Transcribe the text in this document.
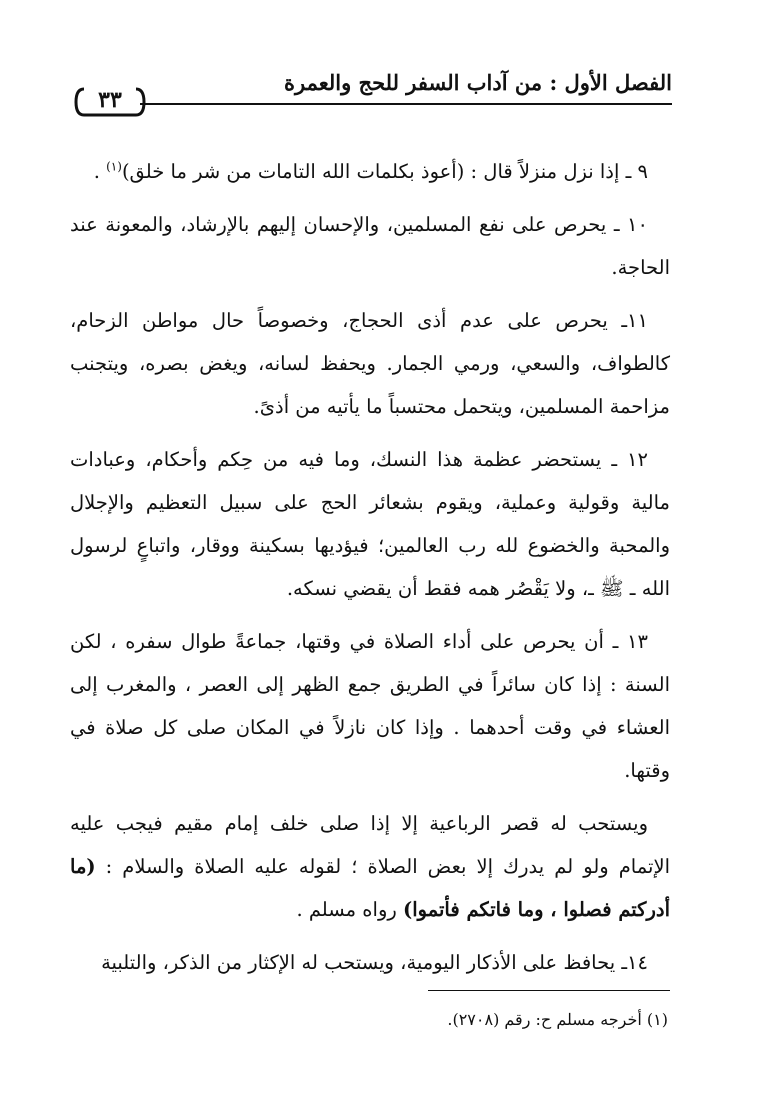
الفصل الأول : من آداب السفر للحج والعمرة
٣٣

٩ ـ إذا نزل منزلاً قال : (أعوذ بكلمات الله التامات من شر ما خلق)$^{(١)}$ .

١٠ ـ يحرص على نفع المسلمين، والإحسان إليهم بالإرشاد، والمعونة عند الحاجة.

١١ـ يحرص على عدم أذى الحجاج، وخصوصاً حال مواطن الزحام، كالطواف، والسعي، ورمي الجمار. ويحفظ لسانه، ويغض بصره، ويتجنب مزاحمة المسلمين، ويتحمل محتسباً ما يأتيه من أذىً.

١٢ ـ يستحضر عظمة هذا النسك، وما فيه من حِكم وأحكام، وعبادات مالية وقولية وعملية، ويقوم بشعائر الحج على سبيل التعظيم والإجلال والمحبة والخضوع لله رب العالمين؛ فيؤديها بسكينة ووقار، واتباعٍ لرسول الله ـ ﷺ ـ، ولا يَقْصُر همه فقط أن يقضي نسكه.

١٣ ـ أن يحرص على أداء الصلاة في وقتها، جماعةً طوال سفره ، لكن السنة : إذا كان سائراً في الطريق جمع الظهر إلى العصر ، والمغرب إلى العشاء في وقت أحدهما . وإذا كان نازلاً في المكان صلى كل صلاة في وقتها.

ويستحب له قصر الرباعية إلا إذا صلى خلف إمام مقيم فيجب عليه الإتمام ولو لم يدرك إلا بعض الصلاة ؛ لقوله عليه الصلاة والسلام : (ما أدركتم فصلوا ، وما فاتكم فأتموا) رواه مسلم .

١٤ـ يحافظ على الأذكار اليومية، ويستحب له الإكثار من الذكر، والتلبية

(١) أخرجه مسلم ح: رقم (٢٧٠٨).
